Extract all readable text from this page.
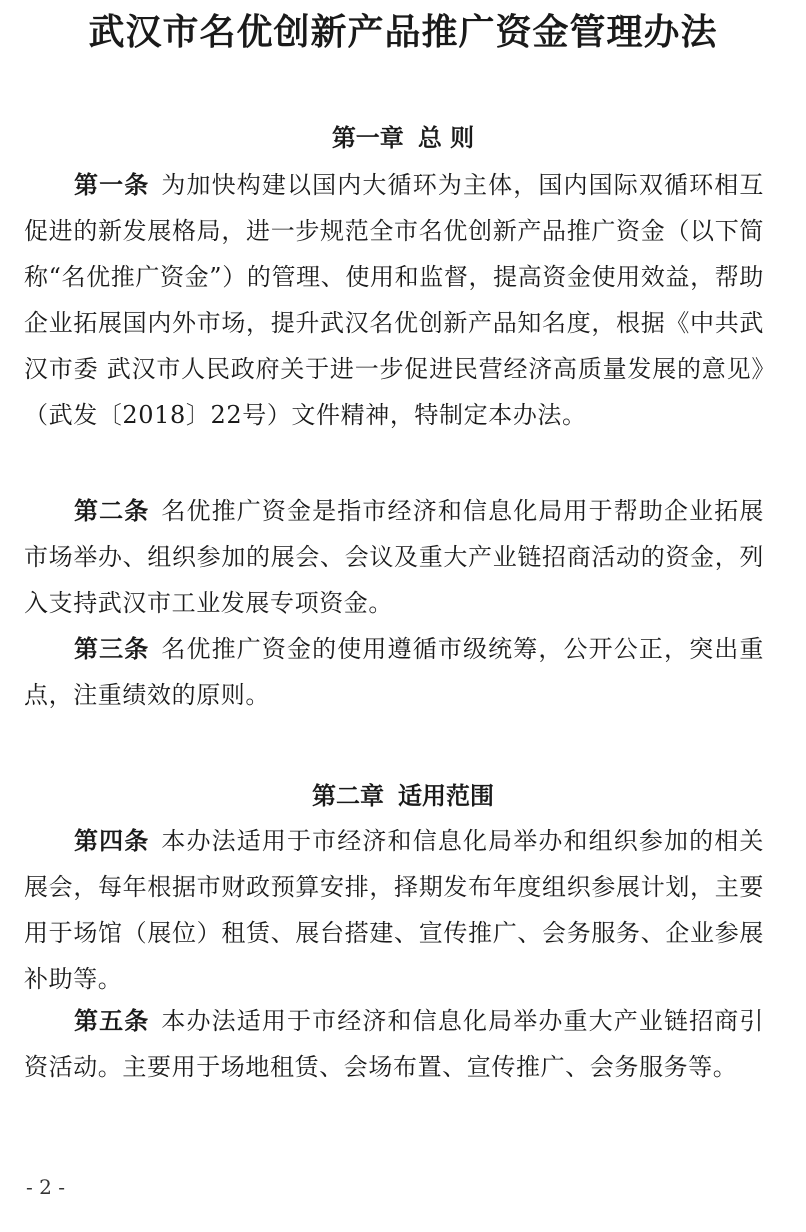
武汉市名优创新产品推广资金管理办法
第一章 总 则

第一条 为加快构建以国内大循环为主体，国内国际双循环相互促进的新发展格局，进一步规范全市名优创新产品推广资金（以下简称“名优推广资金”）的管理、使用和监督，提高资金使用效益，帮助企业拓展国内外市场，提升武汉名优创新产品知名度，根据《中共武汉市委 武汉市人民政府关于进一步促进民营经济高质量发展的意见》（武发〔2018〕22号）文件精神，特制定本办法。

第二条 名优推广资金是指市经济和信息化局用于帮助企业拓展市场举办、组织参加的展会、会议及重大产业链招商活动的资金，列入支持武汉市工业发展专项资金。

第三条 名优推广资金的使用遵循市级统筹，公开公正，突出重点，注重绩效的原则。

第二章 适用范围

第四条 本办法适用于市经济和信息化局举办和组织参加的相关展会，每年根据市财政预算安排，择期发布年度组织参展计划，主要用于场馆（展位）租赁、展台搭建、宣传推广、会务服务、企业参展补助等。

第五条 本办法适用于市经济和信息化局举办重大产业链招商引资活动。主要用于场地租赁、会场布置、宣传推广、会务服务等。

- 2 -
